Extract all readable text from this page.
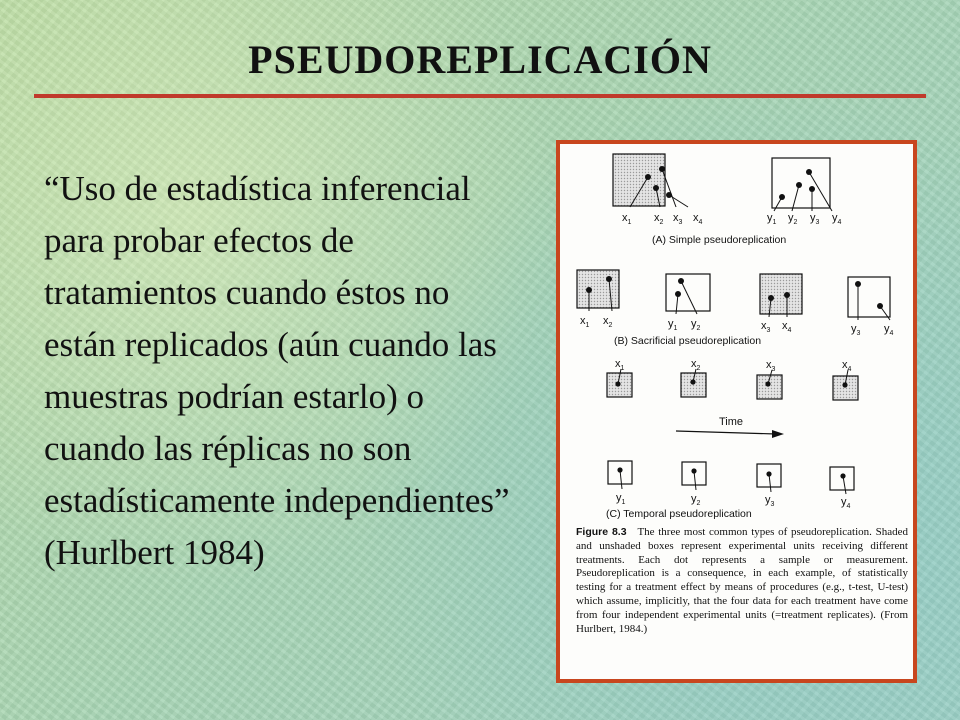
PSEUDOREPLICACIÓN
“Uso de estadística inferencial para probar efectos de tratamientos cuando éstos no están replicados (aún cuando las muestras podrían estarlo) o cuando las réplicas no son estadísticamente independientes” (Hurlbert 1984)
$x_1$ $x_2$ $x_3$ $x_4$	$y_1$ $y_2$ $y_3$ $y_4$
(A) Simple pseudoreplication
$x_1$ $x_2$	$y_1$ $y_2$	$x_3$ $x_4$	$y_3$ $y_4$
(B) Sacrificial pseudoreplication
$x_1$	$x_2$	$x_3$	$x_4$
Time
$y_1$	$y_2$	$y_3$	$y_4$
(C) Temporal pseudoreplication
Figure 8.3 The three most common types of pseudoreplication. Shaded and unshaded boxes represent experimental units receiving different treatments. Each dot represents a sample or measurement. Pseudoreplication is a consequence, in each example, of statistically testing for a treatment effect by means of procedures (e.g., t-test, U-test) which assume, implicitly, that the four data for each treatment have come from four independent experimental units (=treatment replicates). (From Hurlbert, 1984.)
